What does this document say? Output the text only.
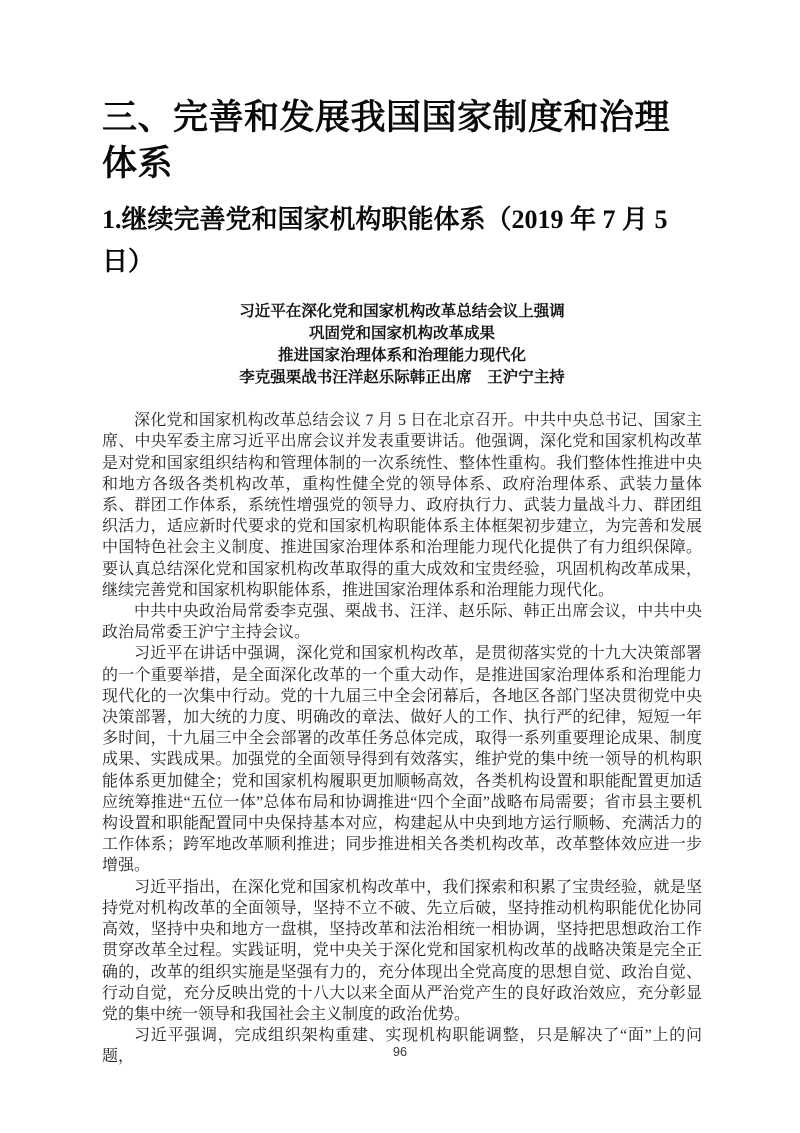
三、完善和发展我国国家制度和治理体系
1.继续完善党和国家机构职能体系（2019 年 7 月 5 日）
习近平在深化党和国家机构改革总结会议上强调
巩固党和国家机构改革成果
推进国家治理体系和治理能力现代化
李克强栗战书汪洋赵乐际韩正出席　王沪宁主持

深化党和国家机构改革总结会议 7 月 5 日在北京召开。中共中央总书记、国家主席、中央军委主席习近平出席会议并发表重要讲话。他强调，深化党和国家机构改革是对党和国家组织结构和管理体制的一次系统性、整体性重构。我们整体性推进中央和地方各级各类机构改革，重构性健全党的领导体系、政府治理体系、武装力量体系、群团工作体系，系统性增强党的领导力、政府执行力、武装力量战斗力、群团组织活力，适应新时代要求的党和国家机构职能体系主体框架初步建立，为完善和发展中国特色社会主义制度、推进国家治理体系和治理能力现代化提供了有力组织保障。要认真总结深化党和国家机构改革取得的重大成效和宝贵经验，巩固机构改革成果，继续完善党和国家机构职能体系，推进国家治理体系和治理能力现代化。

中共中央政治局常委李克强、栗战书、汪洋、赵乐际、韩正出席会议，中共中央政治局常委王沪宁主持会议。

习近平在讲话中强调，深化党和国家机构改革，是贯彻落实党的十九大决策部署的一个重要举措，是全面深化改革的一个重大动作，是推进国家治理体系和治理能力现代化的一次集中行动。党的十九届三中全会闭幕后，各地区各部门坚决贯彻党中央决策部署，加大统的力度、明确改的章法、做好人的工作、执行严的纪律，短短一年多时间，十九届三中全会部署的改革任务总体完成，取得一系列重要理论成果、制度成果、实践成果。加强党的全面领导得到有效落实，维护党的集中统一领导的机构职能体系更加健全；党和国家机构履职更加顺畅高效，各类机构设置和职能配置更加适应统筹推进“五位一体”总体布局和协调推进“四个全面”战略布局需要；省市县主要机构设置和职能配置同中央保持基本对应，构建起从中央到地方运行顺畅、充满活力的工作体系；跨军地改革顺利推进；同步推进相关各类机构改革，改革整体效应进一步增强。

习近平指出，在深化党和国家机构改革中，我们探索和积累了宝贵经验，就是坚持党对机构改革的全面领导，坚持不立不破、先立后破，坚持推动机构职能优化协同高效，坚持中央和地方一盘棋，坚持改革和法治相统一相协调，坚持把思想政治工作贯穿改革全过程。实践证明，党中央关于深化党和国家机构改革的战略决策是完全正确的，改革的组织实施是坚强有力的，充分体现出全党高度的思想自觉、政治自觉、行动自觉，充分反映出党的十八大以来全面从严治党产生的良好政治效应，充分彰显党的集中统一领导和我国社会主义制度的政治优势。

习近平强调，完成组织架构重建、实现机构职能调整，只是解决了“面”上的问题，	96
